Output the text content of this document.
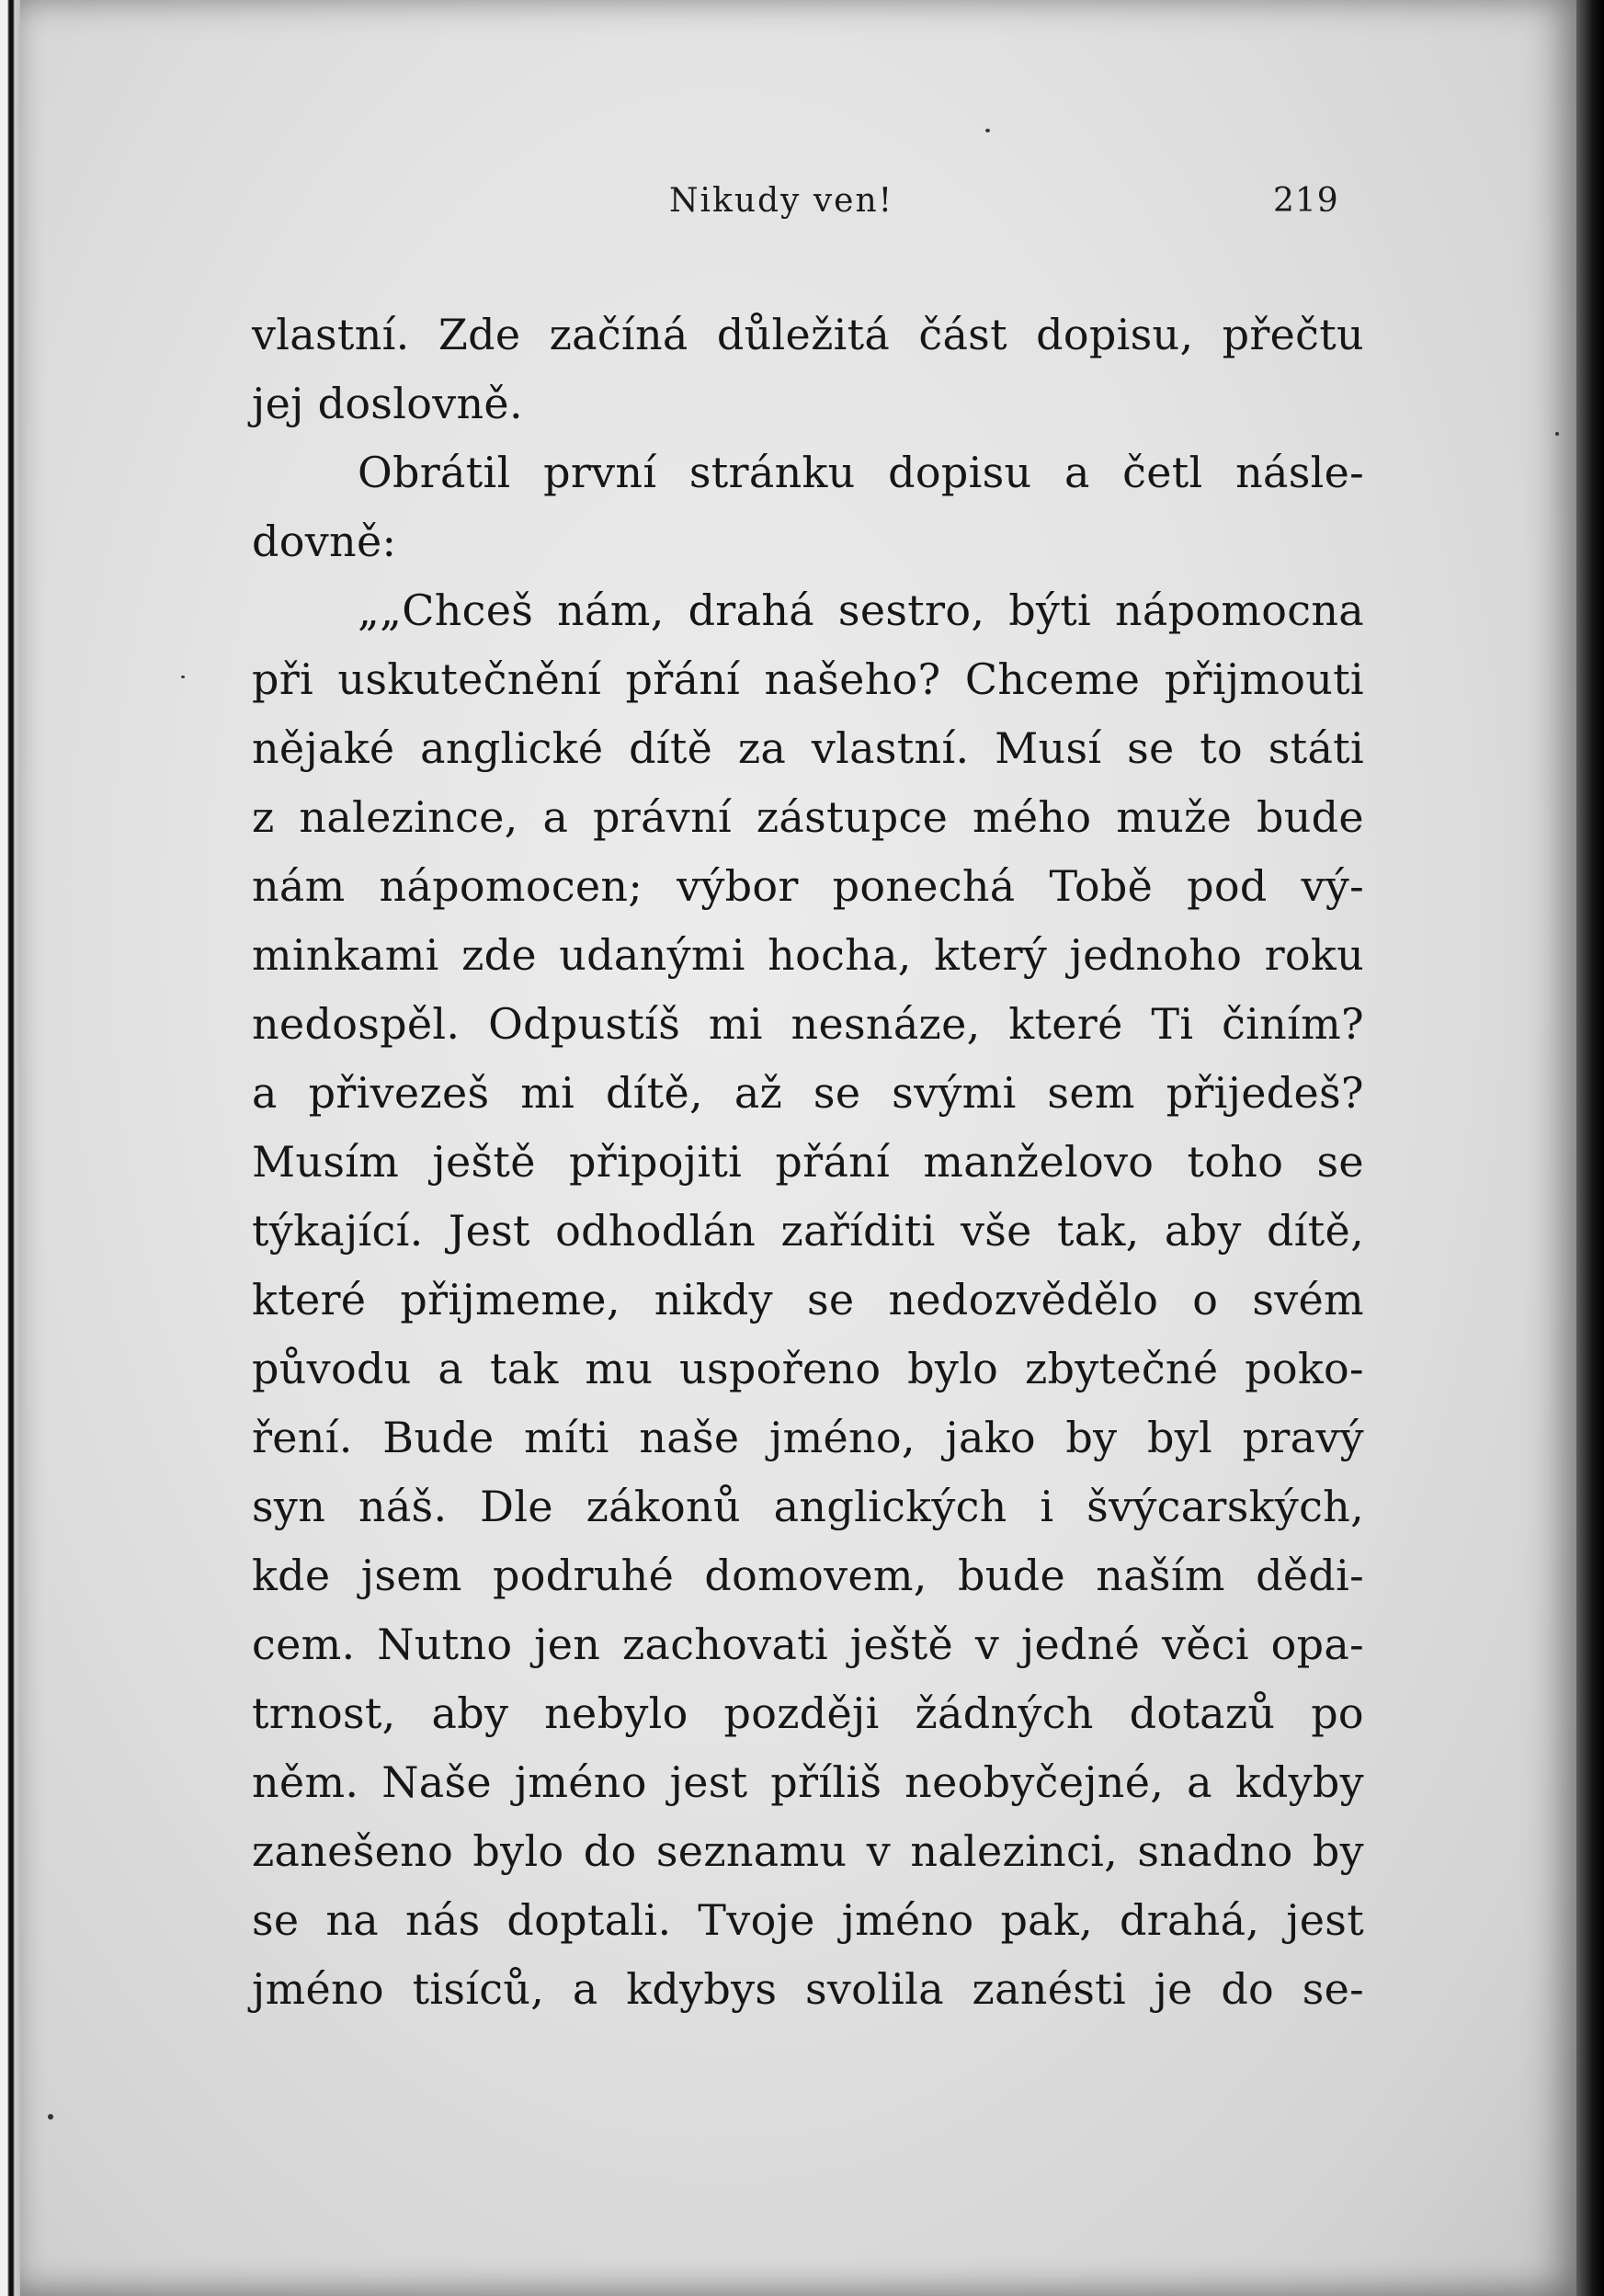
Nikudy ven!	219
vlastní. Zde začíná důležitá část dopisu, přečtu
jej doslovně.
Obrátil první stránku dopisu a četl násle-
dovně:
„„Chceš nám, drahá sestro, býti nápomocna
při uskutečnění přání našeho? Chceme přijmouti
nějaké anglické dítě za vlastní. Musí se to státi
z nalezince, a právní zástupce mého muže bude
nám nápomocen; výbor ponechá Tobě pod vý-
minkami zde udanými hocha, který jednoho roku
nedospěl. Odpustíš mi nesnáze, které Ti činím?
a přivezeš mi dítě, až se svými sem přijedeš?
Musím ještě připojiti přání manželovo toho se
týkající. Jest odhodlán zaříditi vše tak, aby dítě,
které přijmeme, nikdy se nedozvědělo o svém
původu a tak mu uspořeno bylo zbytečné poko-
ření. Bude míti naše jméno, jako by byl pravý
syn náš. Dle zákonů anglických i švýcarských,
kde jsem podruhé domovem, bude naším dědi-
cem. Nutno jen zachovati ještě v jedné věci opa-
trnost, aby nebylo později žádných dotazů po
něm. Naše jméno jest příliš neobyčejné, a kdyby
zanešeno bylo do seznamu v nalezinci, snadno by
se na nás doptali. Tvoje jméno pak, drahá, jest
jméno tisíců, a kdybys svolila zanésti je do se-
